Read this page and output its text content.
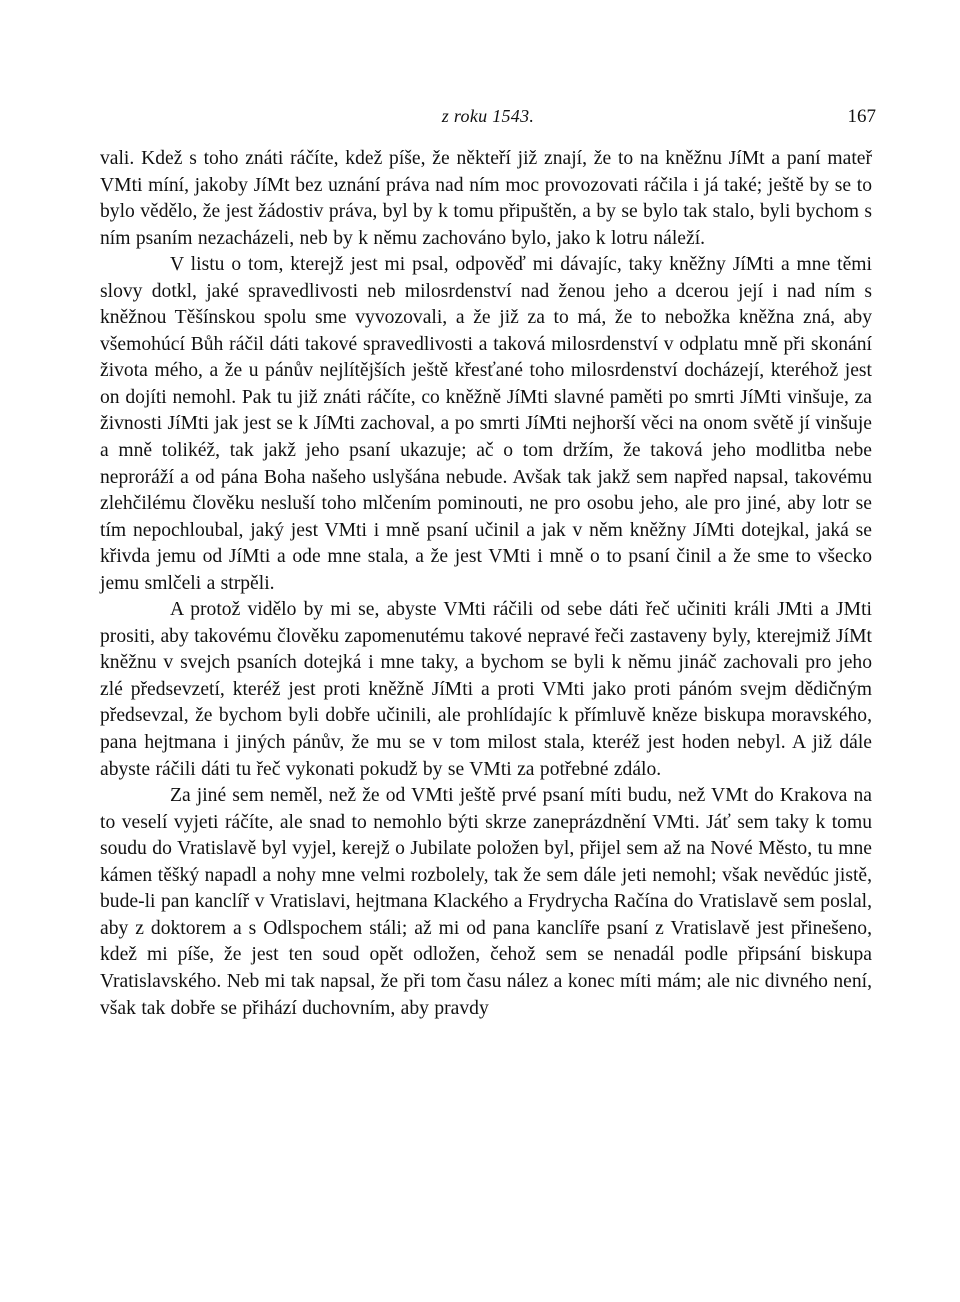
z roku 1543.	167

vali. Kdež s toho znáti ráčíte, kdež píše, že někteří již znají, že to na kněžnu JíMt a paní mateř VMti míní, jakoby JíMt bez uznání práva nad ním moc provozovati ráčila i já také; ještě by se to bylo vědělo, že jest žádostiv práva, byl by k tomu připuštěn, a by se bylo tak stalo, byli bychom s ním psaním nezacházeli, neb by k němu zachováno bylo, jako k lotru náleží.

V listu o tom, kterejž jest mi psal, odpověď mi dávajíc, taky kněžny JíMti a mne těmi slovy dotkl, jaké spravedlivosti neb milosrdenství nad ženou jeho a dcerou její i nad ním s kněžnou Těšínskou spolu sme vyvozovali, a že již za to má, že to nebožka kněžna zná, aby všemohúcí Bůh ráčil dáti takové spravedlivosti a taková milosrdenství v odplatu mně při skonání života mého, a že u pánův nejlítějších ještě křesťané toho milosrdenství docházejí, kteréhož jest on dojíti nemohl. Pak tu již znáti ráčíte, co kněžně JíMti slavné paměti po smrti JíMti vinšuje, za živnosti JíMti jak jest se k JíMti zachoval, a po smrti JíMti nejhorší věci na onom světě jí vinšuje a mně tolikéž, tak jakž jeho psaní ukazuje; ač o tom držím, že taková jeho modlitba nebe neproráží a od pána Boha našeho uslyšána nebude. Avšak tak jakž sem napřed napsal, takovému zlehčilému člověku nesluší toho mlčením pominouti, ne pro osobu jeho, ale pro jiné, aby lotr se tím nepochloubal, jaký jest VMti i mně psaní učinil a jak v něm kněžny JíMti dotejkal, jaká se křivda jemu od JíMti a ode mne stala, a že jest VMti i mně o to psaní činil a že sme to všecko jemu smlčeli a strpěli.

A protož vidělo by mi se, abyste VMti ráčili od sebe dáti řeč učiniti králi JMti a JMti prositi, aby takovému člověku zapomenutému takové nepravé řeči zastaveny byly, kterejmiž JíMt kněžnu v svejch psaních dotejká i mne taky, a bychom se byli k němu jináč zachovali pro jeho zlé předsevzetí, kteréž jest proti kněžně JíMti a proti VMti jako proti pánóm svejm dědičným předsevzal, že bychom byli dobře učinili, ale prohlídajíc k přímluvě kněze biskupa moravského, pana hejtmana i jiných pánův, že mu se v tom milost stala, kteréž jest hoden nebyl. A již dále abyste ráčili dáti tu řeč vykonati pokudž by se VMti za potřebné zdálo.

Za jiné sem neměl, než že od VMti ještě prvé psaní míti budu, než VMt do Krakova na to veselí vyjeti ráčíte, ale snad to nemohlo býti skrze zaneprázdnění VMti. Jáť sem taky k tomu soudu do Vratislavě byl vyjel, kerejž o Jubilate položen byl, přijel sem až na Nové Město, tu mne kámen těšký napadl a nohy mne velmi rozbolely, tak že sem dále jeti nemohl; však nevědúc jistě, bude-li pan kanclíř v Vratislavi, hejtmana Klackého a Frydrycha Račína do Vratislavě sem poslal, aby z doktorem a s Odlspochem stáli; až mi od pana kanclíře psaní z Vratislavě jest přinešeno, kdež mi píše, že jest ten soud opět odložen, čehož sem se nenadál podle připsání biskupa Vratislavského. Neb mi tak napsal, že při tom času nález a konec míti mám; ale nic divného není, však tak dobře se přihází duchovním, aby pravdy
